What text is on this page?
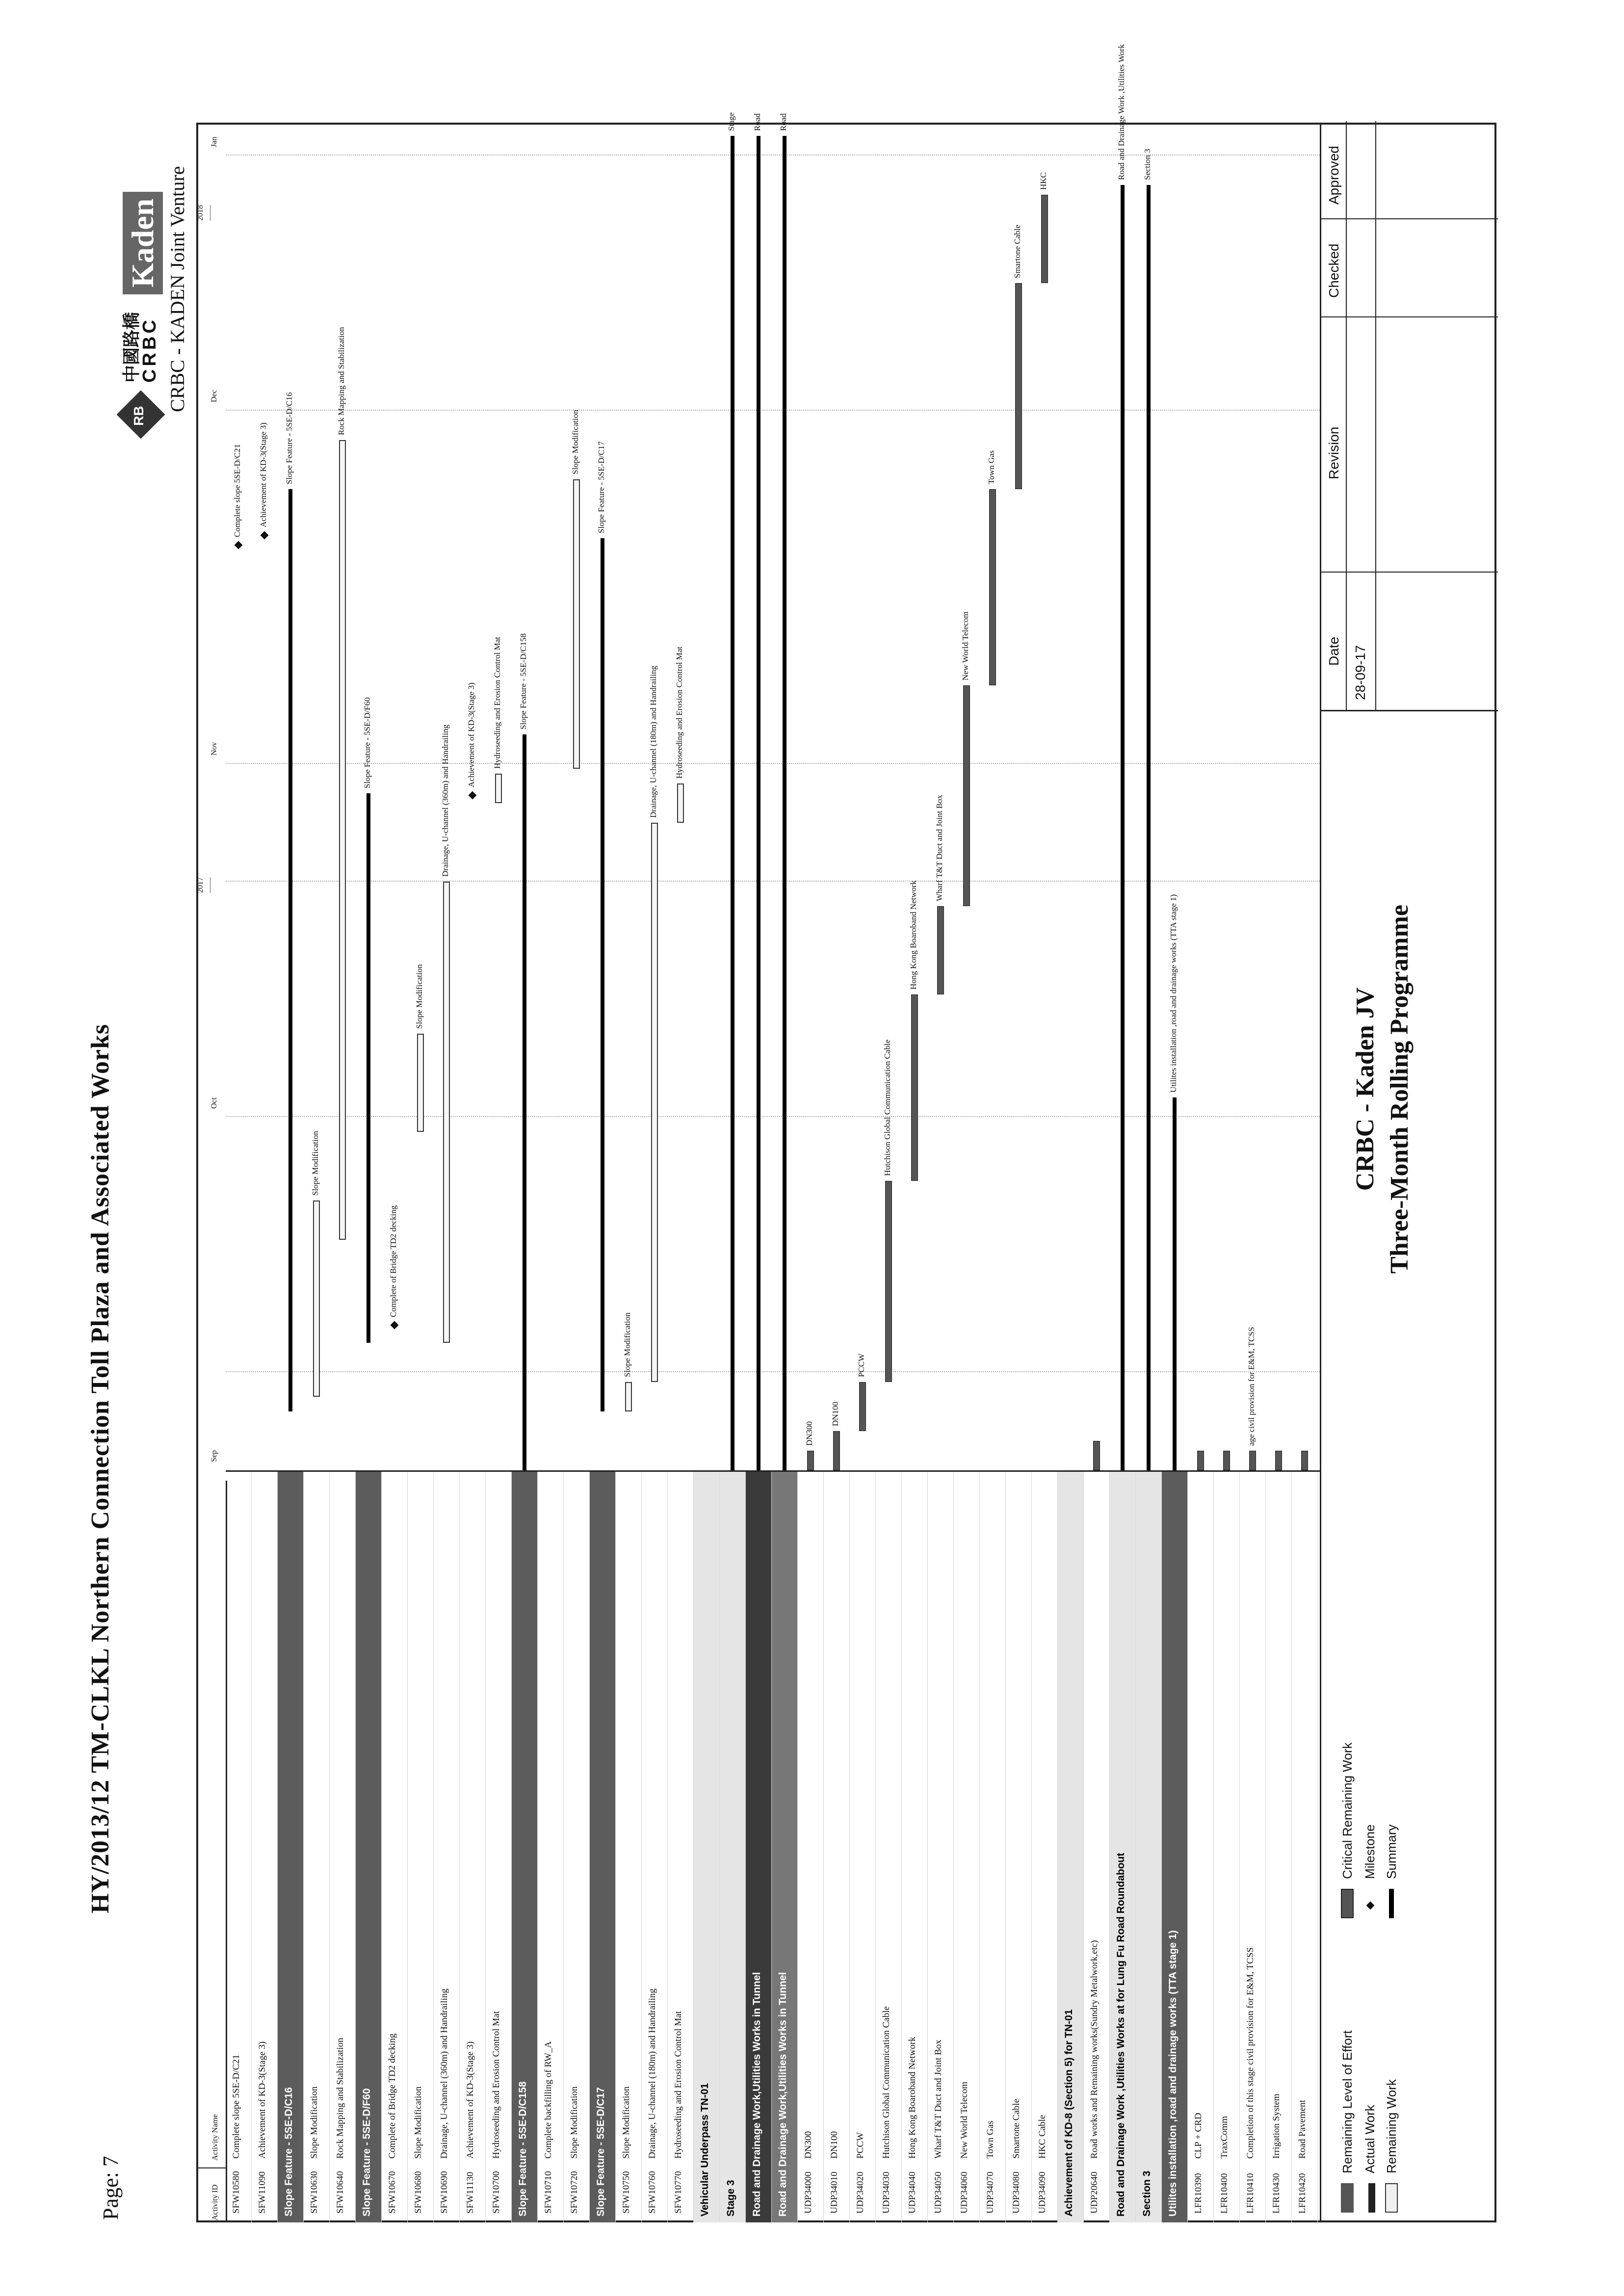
Page: 7
HY/2013/12 TM-CLKL Northern Connection Toll Plaza and Associated Works
RB
中國路橋
CRBC
Kaden CRBC - KADEN Joint Venture
Activity ID
Activity Name
2017
2018
Sep
Oct
Nov
Dec
Jan
SFW10580
Complete slope 5SE-D/C21
SFW11090
Achievement of KD-3(Stage 3) Slope Feature - 5SE-D/C16 SFW10630
Slope Modification
SFW10640
Rock Mapping and Stabilization Slope Feature - 5SE-D/F60 SFW10670
Complete of Bridge TD2 decking
SFW10680
Slope Modification
SFW10690
Drainage, U-channel (360m) and Handrailing
SFW11130
Achievement of KD-3(Stage 3)
SFW10700
Hydroseeding and Erosion Control Mat Slope Feature - 5SE-D/C158 SFW10710
Complete backfilling of RW_A
SFW10720
Slope Modification Slope Feature - 5SE-D/C17 SFW10750
Slope Modification
SFW10760
Drainage, U-channel (180m) and Handrailing
SFW10770
Hydroseeding and Erosion Control Mat Vehicular Underpass TN-01 Stage 3 Road and Drainage Work,Utilities Works in Tunnel Road and Drainage Work,Utilities Works in Tunnel UDP34000
DN300
UDP34010
DN100
UDP34020
PCCW
UDP34030
Hutchison Global Communication Cable
UDP34040
Hong Kong Boaroband Network
UDP34050
Wharf T&T Duct and Joint Box
UDP34060
New World Telecom
UDP34070
Town Gas
UDP34080
Smartone Cable
UDP34090
HKC Cable Achievement of KD-8 (Section 5) for TN-01 UDP20640
Road works and Remaining works(Sundry Metalwork,etc) Road and Drainage Work ,Utilities Works at for Lung Fu Road Roundabout Section 3 Utilites installation ,road and drainage works (TTA stage 1) LFR10390
CLP + CRD
LFR10400
TraxComm
LFR10410
Completion of this stage civil provision for E&M, TCSS
LFR10430
Irrigation System
LFR10420
Road Pavement
Complete slope 5SE-D/C21 Achievement of KD-3(Stage 3) Slope Feature - 5SE-D/C16
Slope Modification
Rock Mapping and Stabilization
Slope Feature - 5SE-D/F60
Complete of Bridge TD2 decking
Slope Modification
Drainage, U-channel (360m) and Handrailing Achievement of KD-3(Stage 3) Hydroseeding and Erosion Control Mat Slope Feature - 5SE-D/C158
Slope Modification Slope Feature - 5SE-D/C17
Slope Modification
Drainage, U-channel (180m) and Handrailing Hydroseeding and Erosion Control Mat
Stage Road Road
DN300
DN100
PCCW
Hutchison Global Communication Cable
Hong Kong Boaroband Network
Wharf T&T Duct and Joint Box
New World Telecom
Town Gas
Smartone Cable
HKC
Road and Drainage Work ,Utilities Work Section 3
Utilites installation ,road and drainage works (TTA stage 1)
age civil provision for E&M, TCSS
Remaining Level of Effort Actual Work Remaining Work
Critical Remaining Work Milestone Summary
CRBC - Kaden JV Three-Month Rolling Programme
Date 28-09-17
Revision
Checked
Approved
